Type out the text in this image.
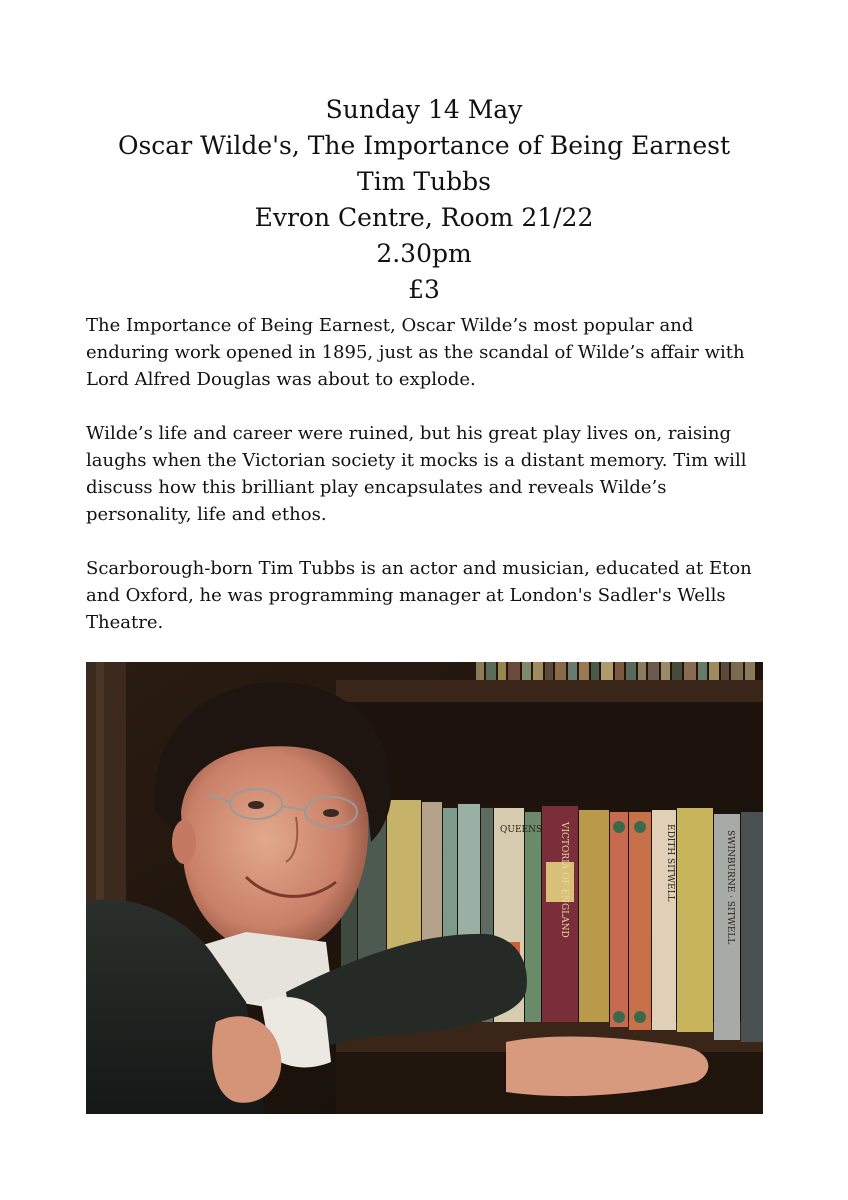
Sunday 14 May
Oscar Wilde's, The Importance of Being Earnest
Tim Tubbs
Evron Centre, Room 21/22
2.30pm
£3

The Importance of Being Earnest, Oscar Wilde’s most popular and enduring work opened in 1895, just as the scandal of Wilde’s affair with Lord Alfred Douglas was about to explode.

Wilde’s life and career were ruined, but his great play lives on, raising laughs when the Victorian society it mocks is a distant memory. Tim will discuss how this brilliant play encapsulates and reveals Wilde’s personality, life and ethos.

Scarborough-born Tim Tubbs is an actor and musician, educated at Eton and Oxford, he was programming manager at London's Sadler's Wells Theatre.

QUEENS VICTORIA OF ENGLAND	EDITH SITWELL	SWINBURNE · SITWELL
